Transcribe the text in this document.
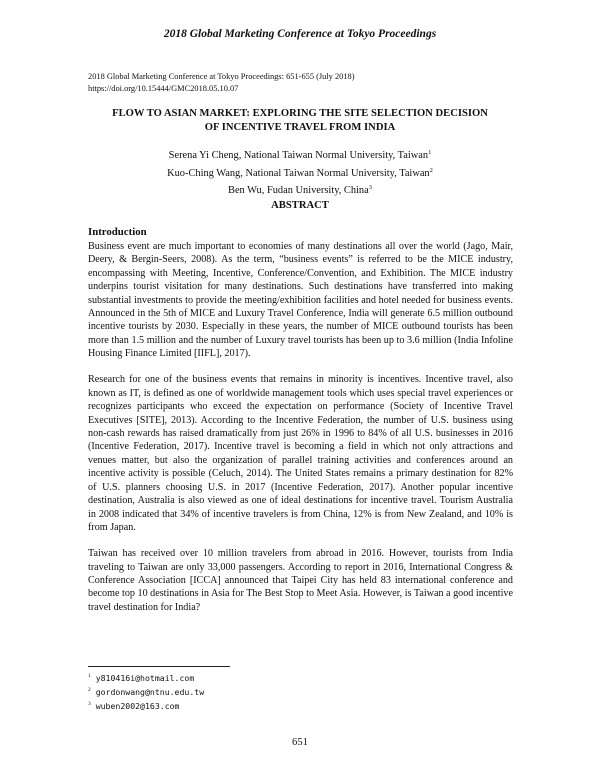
2018 Global Marketing Conference at Tokyo Proceedings
2018 Global Marketing Conference at Tokyo Proceedings: 651-655 (July 2018)
https://doi.org/10.15444/GMC2018.05.10.07
FLOW TO ASIAN MARKET: EXPLORING THE SITE SELECTION DECISION
OF INCENTIVE TRAVEL FROM INDIA
Serena Yi Cheng, National Taiwan Normal University, Taiwan$^1$
Kuo-Ching Wang, National Taiwan Normal University, Taiwan$^2$
Ben Wu, Fudan University, China$^3$
ABSTRACT
Introduction

Business event are much important to economies of many destinations all over the world (Jago, Mair, Deery, & Bergin-Seers, 2008). As the term, “business events” is referred to be the MICE industry, encompassing with Meeting, Incentive, Conference/Convention, and Exhibition. The MICE industry underpins tourist visitation for many destinations. Such destinations have transferred into making substantial investments to provide the meeting/exhibition facilities and hotel needed for business events. Announced in the 5th of MICE and Luxury Travel Conference, India will generate 6.5 million outbound incentive tourists by 2030. Especially in these years, the number of MICE outbound tourists has been more than 1.5 million and the number of Luxury travel tourists has been up to 3.6 million (India Infoline Housing Finance Limited [IIFL], 2017).

Research for one of the business events that remains in minority is incentives. Incentive travel, also known as IT, is defined as one of worldwide management tools which uses special travel experiences or recognizes participants who exceed the expectation on performance (Society of Incentive Travel Executives [SITE], 2013). According to the Incentive Federation, the number of U.S. business using non-cash rewards has raised dramatically from just 26% in 1996 to 84% of all U.S. businesses in 2016 (Incentive Federation, 2017). Incentive travel is becoming a field in which not only attractions and venues matter, but also the organization of parallel training activities and conferences around an incentive activity is possible (Celuch, 2014). The United States remains a primary destination for 82% of U.S. planners choosing U.S. in 2017 (Incentive Federation, 2017). Another popular incentive destination, Australia is also viewed as one of ideal destinations for incentive travel. Tourism Australia in 2008 indicated that 34% of incentive travelers is from China, 12% is from New Zealand, and 10% is from Japan.

Taiwan has received over 10 million travelers from abroad in 2016. However, tourists from India traveling to Taiwan are only 33,000 passengers. According to report in 2016, International Congress & Conference Association [ICCA] announced that Taipei City has held 83 international conference and become top 10 destinations in Asia for The Best Stop to Meet Asia. However, is Taiwan a good incentive travel destination for India?

$^1$ y810416i@hotmail.com
$^2$ gordonwang@ntnu.edu.tw
$^3$ wuben2002@163.com
651
